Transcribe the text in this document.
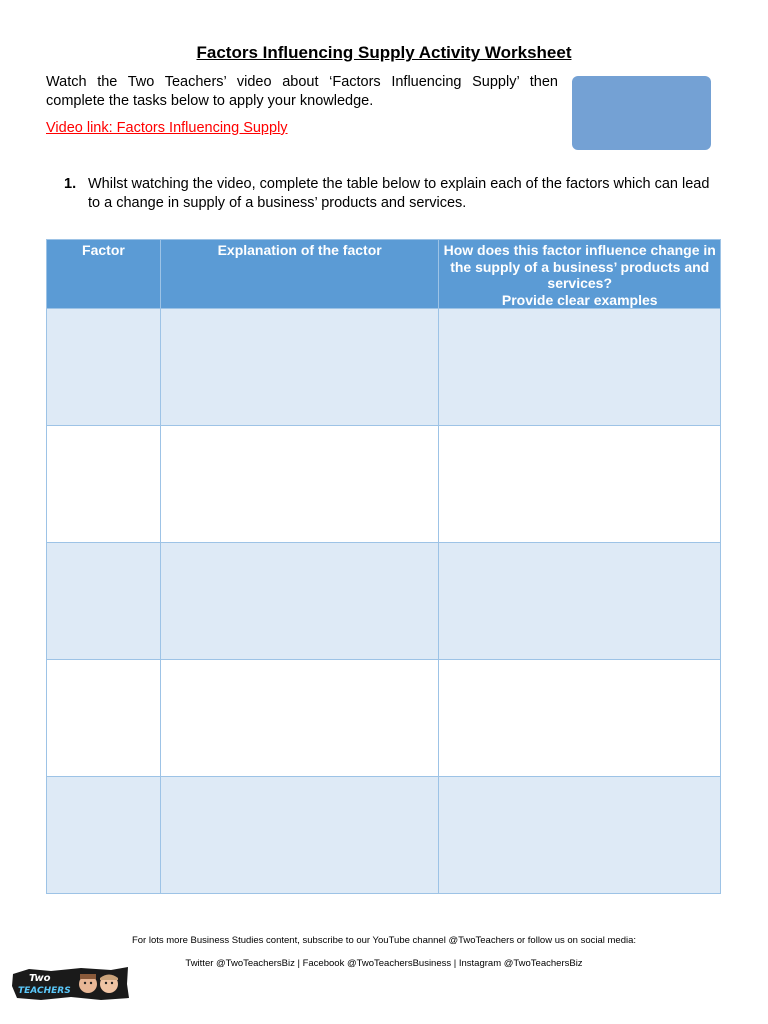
Factors Influencing Supply Activity Worksheet
Watch the Two Teachers’ video about ‘Factors Influencing Supply’ then complete the tasks below to apply your knowledge.
Video link: Factors Influencing Supply
1. Whilst watching the video, complete the table below to explain each of the factors which can lead to a change in supply of a business’ products and services.
Factor	Explanation of the factor	How does this factor influence change in the supply of a business’ products and services?
Provide clear examples

For lots more Business Studies content, subscribe to our YouTube channel @TwoTeachers or follow us on social media:
Twitter @TwoTeachersBiz | Facebook @TwoTeachersBusiness | Instagram @TwoTeachersBiz
Two
TEACHERS
